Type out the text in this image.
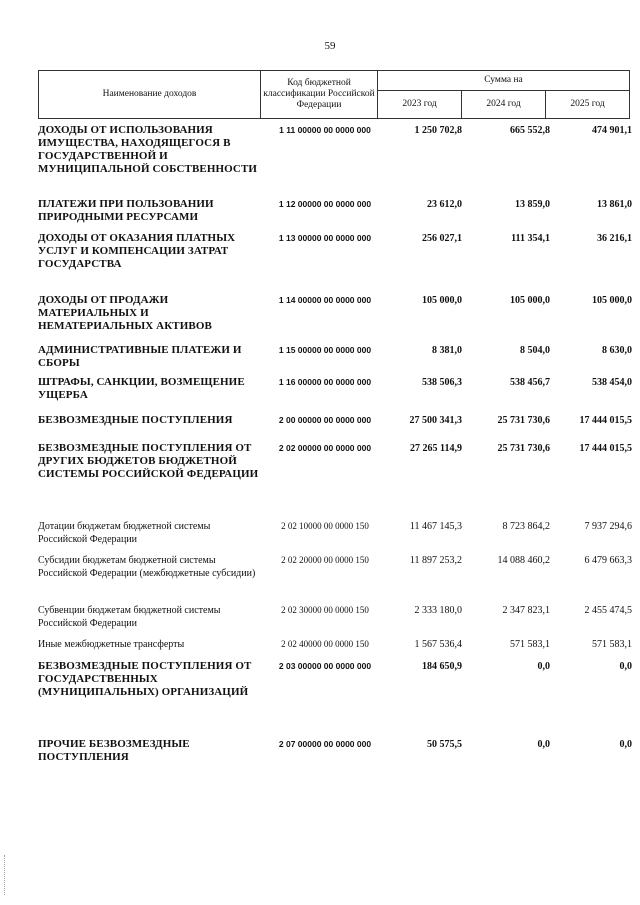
59
Наименование доходов	Код бюджетной классификации Российской Федерации	Сумма на		
		2023 год	2024 год	2025 год
ДОХОДЫ ОТ ИСПОЛЬЗОВАНИЯ ИМУЩЕСТВА, НАХОДЯЩЕГОСЯ В ГОСУДАРСТВЕННОЙ И МУНИЦИПАЛЬНОЙ СОБСТВЕННОСТИ
1 11 00000 00 0000 000	1 250 702,8	665 552,8	474 901,1
ПЛАТЕЖИ ПРИ ПОЛЬЗОВАНИИ ПРИРОДНЫМИ РЕСУРСАМИ
1 12 00000 00 0000 000	23 612,0	13 859,0	13 861,0
ДОХОДЫ ОТ ОКАЗАНИЯ ПЛАТНЫХ УСЛУГ И КОМПЕНСАЦИИ ЗАТРАТ ГОСУДАРСТВА
1 13 00000 00 0000 000	256 027,1	111 354,1	36 216,1
ДОХОДЫ ОТ ПРОДАЖИ МАТЕРИАЛЬНЫХ И НЕМАТЕРИАЛЬНЫХ АКТИВОВ
1 14 00000 00 0000 000	105 000,0	105 000,0	105 000,0
АДМИНИСТРАТИВНЫЕ ПЛАТЕЖИ И СБОРЫ
1 15 00000 00 0000 000	8 381,0	8 504,0	8 630,0
ШТРАФЫ, САНКЦИИ, ВОЗМЕЩЕНИЕ УЩЕРБА
1 16 00000 00 0000 000	538 506,3	538 456,7	538 454,0
БЕЗВОЗМЕЗДНЫЕ ПОСТУПЛЕНИЯ	2 00 00000 00 0000 000	27 500 341,3	25 731 730,6	17 444 015,5
БЕЗВОЗМЕЗДНЫЕ ПОСТУПЛЕНИЯ ОТ ДРУГИХ БЮДЖЕТОВ БЮДЖЕТНОЙ СИСТЕМЫ РОССИЙСКОЙ ФЕДЕРАЦИИ
2 02 00000 00 0000 000	27 265 114,9	25 731 730,6	17 444 015,5
Дотации бюджетам бюджетной системы Российской Федерации
2 02 10000 00 0000 150	11 467 145,3	8 723 864,2	7 937 294,6
Субсидии бюджетам бюджетной системы Российской Федерации (межбюджетные субсидии)
2 02 20000 00 0000 150	11 897 253,2	14 088 460,2	6 479 663,3
Субвенции бюджетам бюджетной системы Российской Федерации
2 02 30000 00 0000 150	2 333 180,0	2 347 823,1	2 455 474,5
Иные межбюджетные трансферты	2 02 40000 00 0000 150	1 567 536,4	571 583,1	571 583,1
БЕЗВОЗМЕЗДНЫЕ ПОСТУПЛЕНИЯ ОТ ГОСУДАРСТВЕННЫХ (МУНИЦИПАЛЬНЫХ) ОРГАНИЗАЦИЙ
2 03 00000 00 0000 000	184 650,9	0,0	0,0
ПРОЧИЕ БЕЗВОЗМЕЗДНЫЕ ПОСТУПЛЕНИЯ
2 07 00000 00 0000 000	50 575,5	0,0	0,0
